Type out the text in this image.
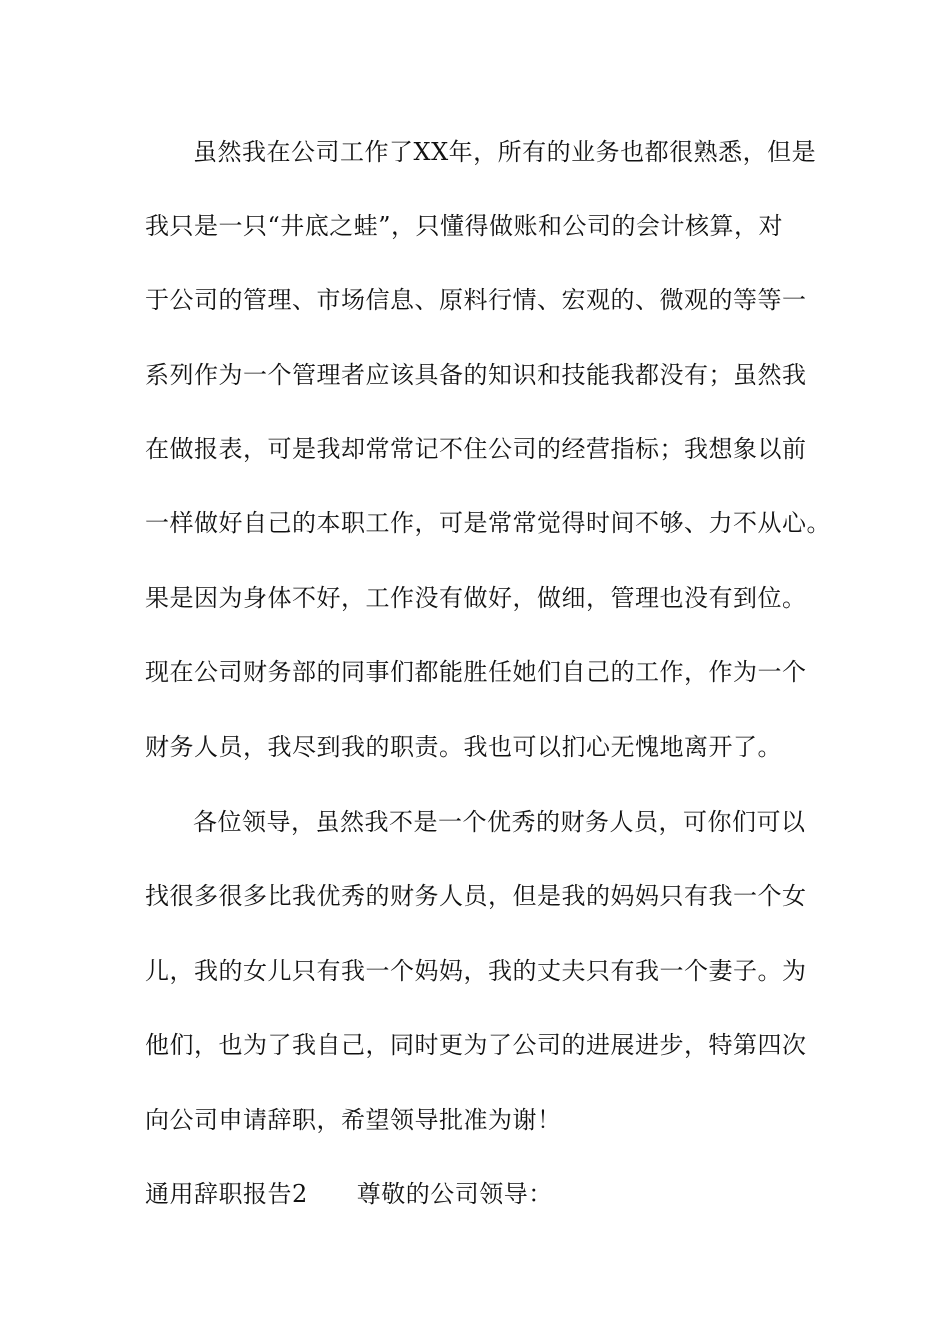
虽然我在公司工作了XX年，所有的业务也都很熟悉，但是
我只是一只“井底之蛙”，只懂得做账和公司的会计核算，对
于公司的管理、市场信息、原料行情、宏观的、微观的等等一
系列作为一个管理者应该具备的知识和技能我都没有；虽然我
在做报表，可是我却常常记不住公司的经营指标；我想象以前
一样做好自己的本职工作，可是常常觉得时间不够、力不从心。
果是因为身体不好，工作没有做好，做细，管理也没有到位。
现在公司财务部的同事们都能胜任她们自己的工作，作为一个
财务人员，我尽到我的职责。我也可以扪心无愧地离开了。
各位领导，虽然我不是一个优秀的财务人员，可你们可以
找很多很多比我优秀的财务人员，但是我的妈妈只有我一个女
儿，我的女儿只有我一个妈妈，我的丈夫只有我一个妻子。为
他们，也为了我自己，同时更为了公司的进展进步，特第四次
向公司申请辞职，希望领导批准为谢！
通用辞职报告2　　尊敬的公司领导：
